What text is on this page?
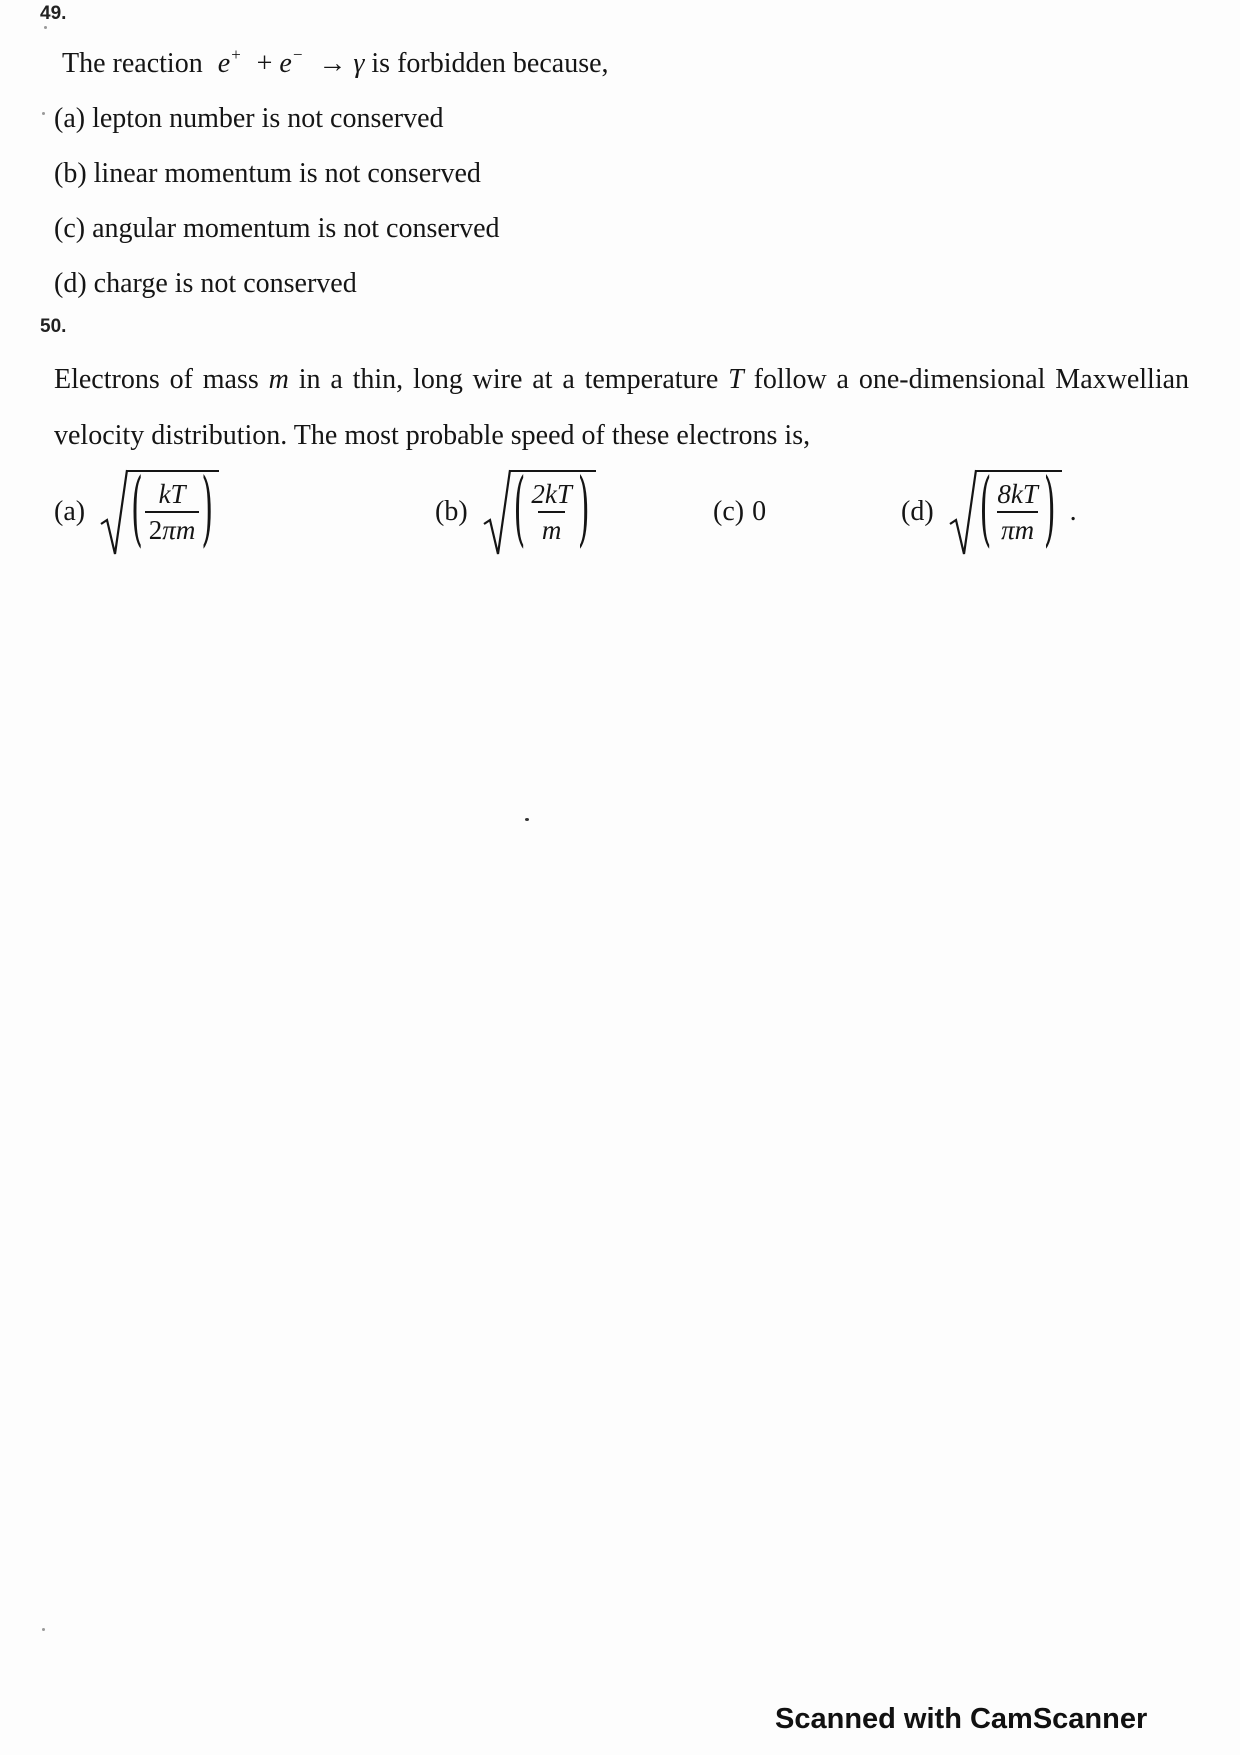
49.
The reaction e+ + e− → γ is forbidden because,
(a) lepton number is not conserved
(b) linear momentum is not conserved
(c) angular momentum is not conserved
(d) charge is not conserved
50.
Electrons of mass m in a thin, long wire at a temperature T follow a one-dimensional Maxwellian velocity distribution. The most probable speed of these electrons is,
(a) ( $\frac{kT}{2\pi m}$ )	(b) ( $\frac{2kT}{m}$ )	(c) 0	(d) ( $\frac{8kT}{\pi m}$ ) .
Scanned with CamScanner
